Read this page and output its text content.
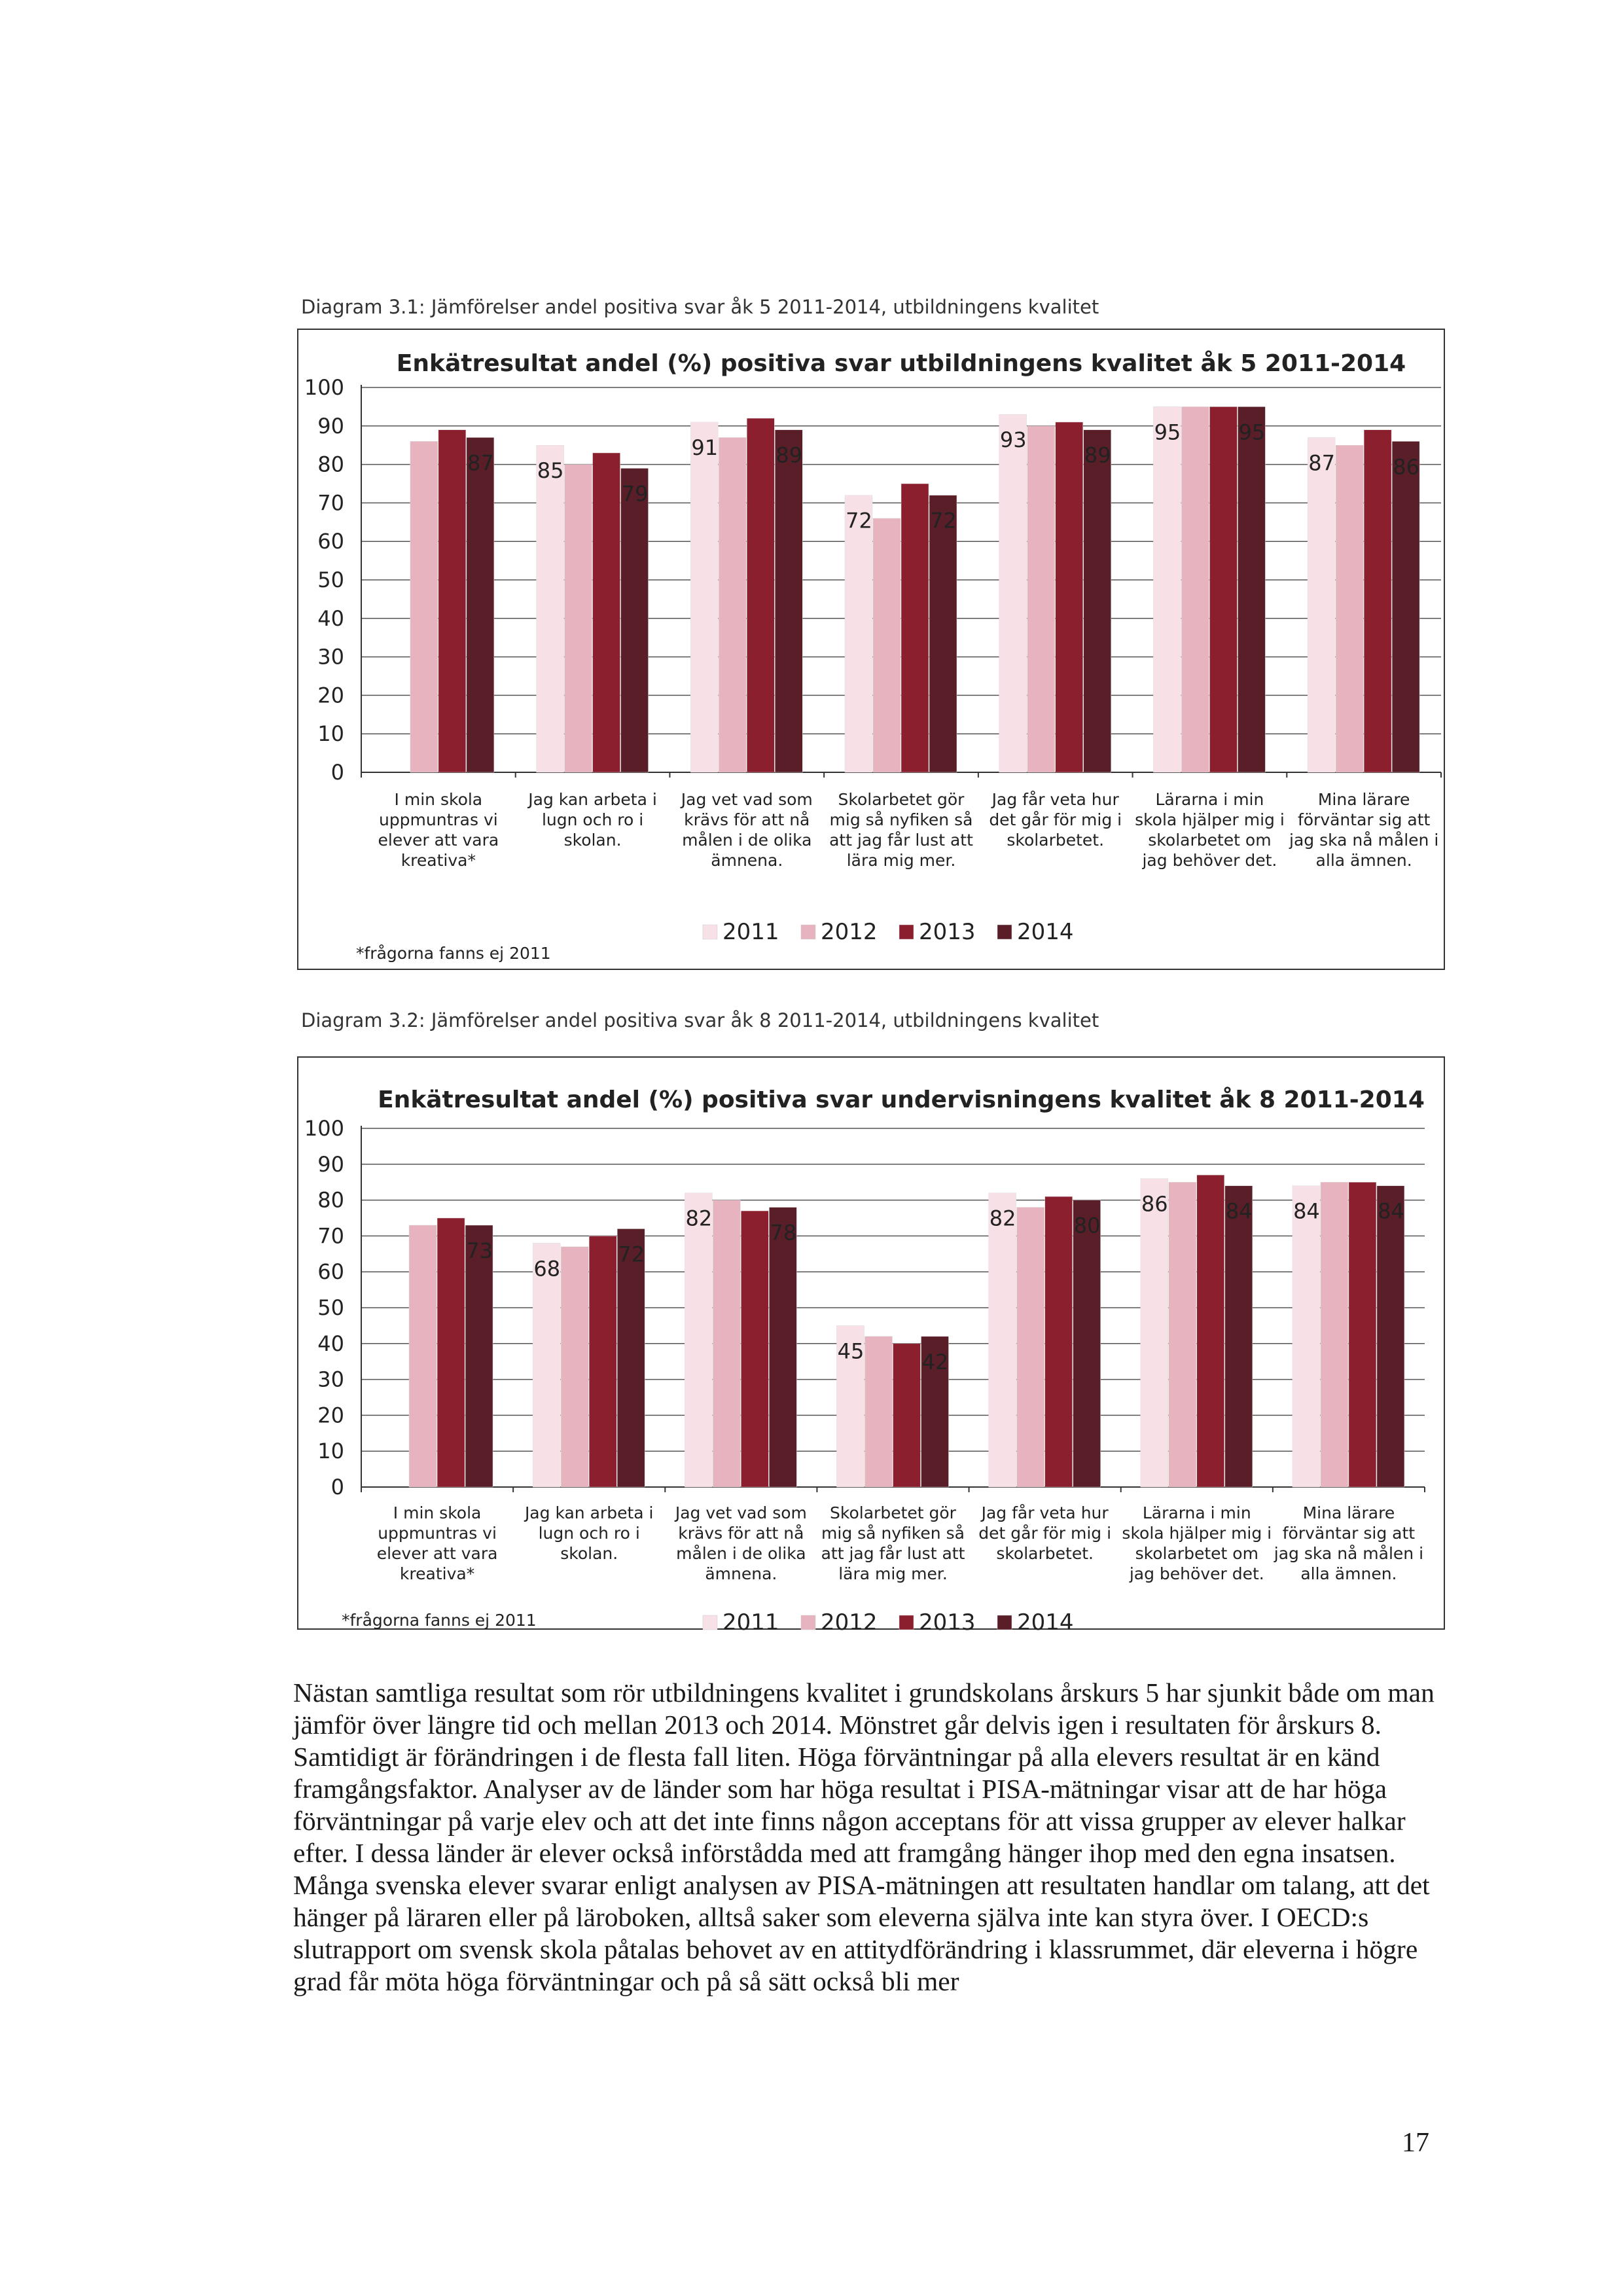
Diagram 3.1: Jämförelser andel positiva svar åk 5 2011-2014, utbildningens kvalitet
Enkätresultat andel (%) positiva svar utbildningens kvalitet åk 5 2011-2014
0
10
20
30
40
50
60
70
80
90
100
87 85
79
91	89
72	72
93
89
95	95
87	86
I min skola
uppmuntras vi
elever att vara
kreativa*
Jag kan arbeta i
lugn och ro i
skolan.
Jag vet vad som
krävs för att nå
målen i de olika
ämnena.
Skolarbetet gör
mig så nyfiken så
att jag får lust att
lära mig mer.
Jag får veta hur
det går för mig i
skolarbetet.
Lärarna i min
skola hjälper mig i
skolarbetet om
jag behöver det.
Mina lärare
förväntar sig att
jag ska nå målen i
alla ämnen.
2011 2012 2013 2014
*frågorna fanns ej 2011
Diagram 3.2: Jämförelser andel positiva svar åk 8 2011-2014, utbildningens kvalitet
Enkätresultat andel (%) positiva svar undervisningens kvalitet åk 8 2011-2014
0
10
20
30
40
50
60
70
80
90
100
73
68
72
82
78
45	42
82	80
86	84 84	84
I min skola
uppmuntras vi
elever att vara
kreativa*
Jag kan arbeta i
lugn och ro i
skolan.
Jag vet vad som
krävs för att nå
målen i de olika
ämnena.
Skolarbetet gör
mig så nyfiken så
att jag får lust att
lära mig mer.
Jag får veta hur
det går för mig i
skolarbetet.
Lärarna i min
skola hjälper mig i
skolarbetet om
jag behöver det.
Mina lärare
förväntar sig att
jag ska nå målen i
alla ämnen.
2011 2012 2013 2014
*frågorna fanns ej 2011

Nästan samtliga resultat som rör utbildningens kvalitet i grundskolans årskurs 5 har sjunkit både om man jämför över längre tid och mellan 2013 och 2014. Mönstret går delvis igen i resultaten för årskurs 8. Samtidigt är förändringen i de flesta fall liten. Höga förväntningar på alla elevers resultat är en känd framgångsfaktor. Analyser av de länder som har höga resultat i PISA-mätningar visar att de har höga förväntningar på varje elev och att det inte finns någon acceptans för att vissa grupper av elever halkar efter. I dessa länder är elever också införstådda med att framgång hänger ihop med den egna insatsen. Många svenska elever svarar enligt analysen av PISA-mätningen att resultaten handlar om talang, att det hänger på läraren eller på läroboken, alltså saker som eleverna själva inte kan styra över. I OECD:s slutrapport om svensk skola påtalas behovet av en attitydförändring i klassrummet, där eleverna i högre grad får möta höga förväntningar och på så sätt också bli mer

17
